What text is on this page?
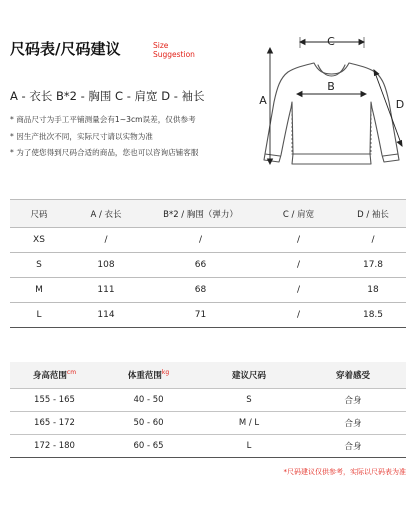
尺码表/尺码建议	Size
Suggestion
A - 衣长 B*2 - 胸围 C - 肩宽 D - 袖长
* 商品尺寸为手工平铺测量会有1~3cm误差，仅供参考
* 因生产批次不同，实际尺寸请以实物为准
* 为了使您得到尺码合适的商品，您也可以咨询店铺客服
C
B
A	D
尺码	A / 衣长	B*2 / 胸围（弹力）	C / 肩宽	D / 袖长
XS	/	/	/	/
S	108	66	/	17.8
M	111	68	/	18
L	114	71	/	18.5
身高范围$^{cm}$	体重范围$^{kg}$	建议尺码	穿着感受
155 - 165	40 - 50	S	合身
165 - 172	50 - 60	M / L	合身
172 - 180	60 - 65	L	合身
*尺码建议仅供参考，实际以尺码表为准
